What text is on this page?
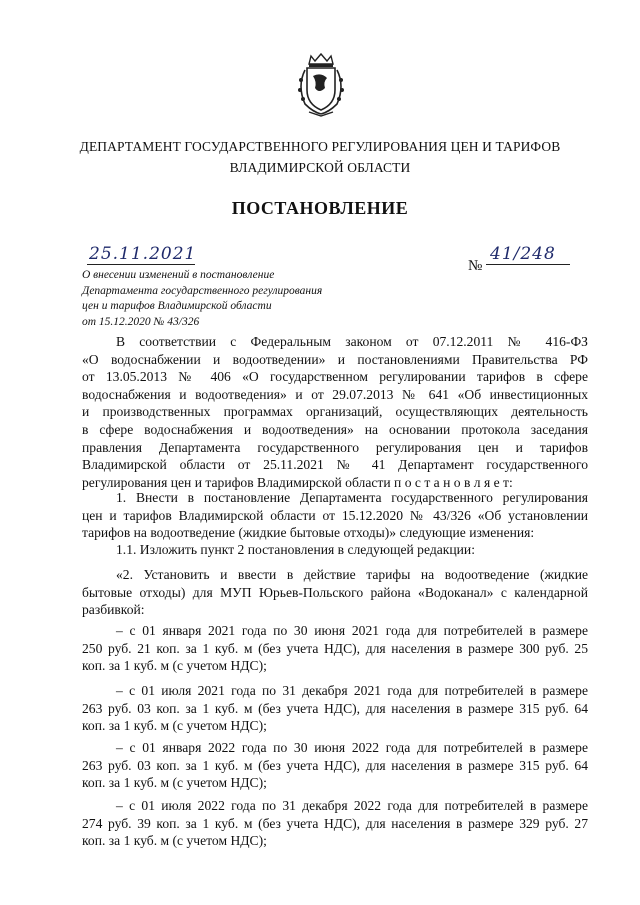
ДЕПАРТАМЕНТ ГОСУДАРСТВЕННОГО РЕГУЛИРОВАНИЯ ЦЕН И ТАРИФОВ
ВЛАДИМИРСКОЙ ОБЛАСТИ
ПОСТАНОВЛЕНИЕ
25.11.2021
№
41/248
О внесении изменений в постановление
Департамента государственного регулирования
цен и тарифов Владимирской области
от 15.12.2020 № 43/326
В соответствии с Федеральным законом от 07.12.2011 № 416-ФЗ
«О водоснабжении и водоотведении» и постановлениями Правительства РФ
от 13.05.2013 № 406 «О государственном регулировании тарифов в сфере
водоснабжения и водоотведения» и от 29.07.2013 № 641 «Об инвестиционных
и производственных программах организаций, осуществляющих деятельность
в сфере водоснабжения и водоотведения» на основании протокола заседания
правления Департамента государственного регулирования цен и тарифов
Владимирской области от 25.11.2021 № 41 Департамент государственного
регулирования цен и тарифов Владимирской области п о с т а н о в л я е т:
1. Внести в постановление Департамента государственного регулирования
цен и тарифов Владимирской области от 15.12.2020 № 43/326 «Об установлении
тарифов на водоотведение (жидкие бытовые отходы)» следующие изменения:
1.1. Изложить пункт 2 постановления в следующей редакции:
«2. Установить и ввести в действие тарифы на водоотведение (жидкие
бытовые отходы) для МУП Юрьев-Польского района «Водоканал» с календарной
разбивкой:
– с 01 января 2021 года по 30 июня 2021 года для потребителей в размере
250 руб. 21 коп. за 1 куб. м (без учета НДС), для населения в размере 300 руб. 25
коп. за 1 куб. м (с учетом НДС);
– с 01 июля 2021 года по 31 декабря 2021 года для потребителей в размере
263 руб. 03 коп. за 1 куб. м (без учета НДС), для населения в размере 315 руб. 64
коп. за 1 куб. м (с учетом НДС);
– с 01 января 2022 года по 30 июня 2022 года для потребителей в размере
263 руб. 03 коп. за 1 куб. м (без учета НДС), для населения в размере 315 руб. 64
коп. за 1 куб. м (с учетом НДС);
– с 01 июля 2022 года по 31 декабря 2022 года для потребителей в размере
274 руб. 39 коп. за 1 куб. м (без учета НДС), для населения в размере 329 руб. 27
коп. за 1 куб. м (с учетом НДС);
